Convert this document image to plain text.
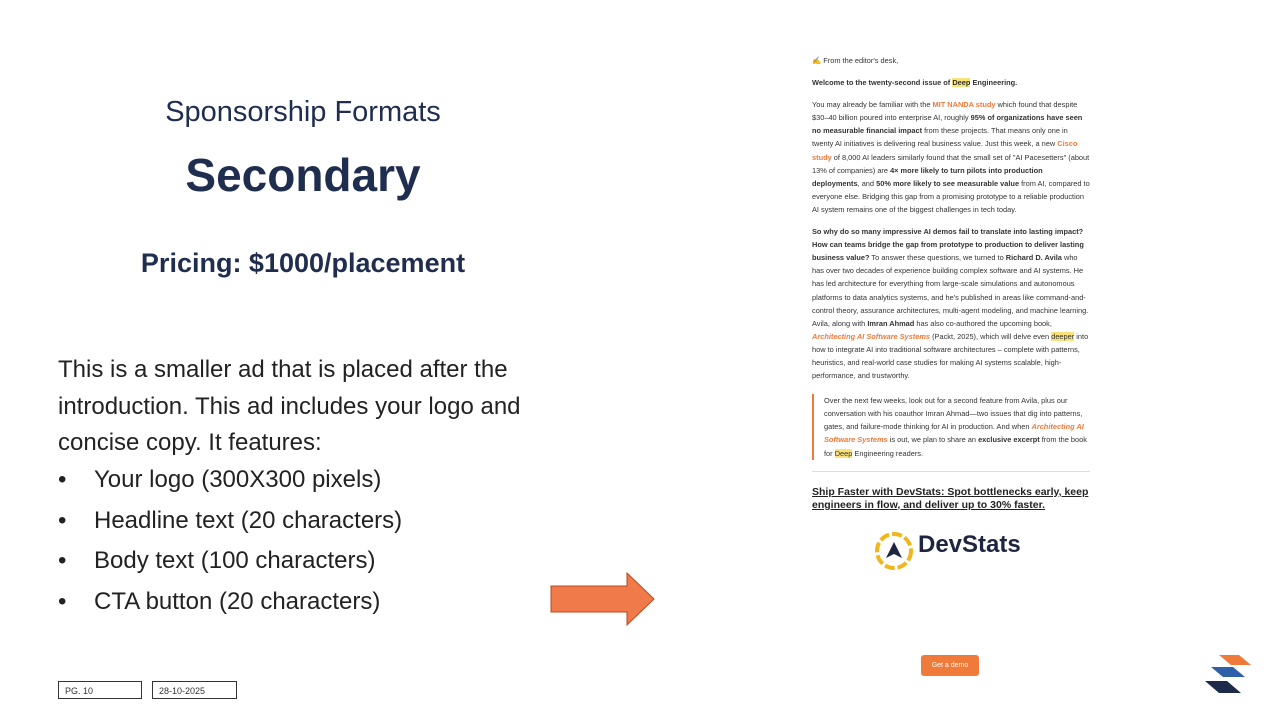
Sponsorship Formats
Secondary
Pricing: $1000/placement
This is a smaller ad that is placed after the introduction. This ad includes your logo and concise copy. It features:
• Your logo (300X300 pixels)
• Headline text (20 characters)
• Body text (100 characters)
• CTA button (20 characters)
PG. 10	28-10-2025

✍ From the editor's desk,

Welcome to the twenty-second issue of Deep Engineering.

You may already be familiar with the MIT NANDA study which found that despite $30–40 billion poured into enterprise AI, roughly 95% of organizations have seen no measurable financial impact from these projects. That means only one in twenty AI initiatives is delivering real business value. Just this week, a new Cisco study of 8,000 AI leaders similarly found that the small set of "AI Pacesetters" (about 13% of companies) are 4× more likely to turn pilots into production deployments, and 50% more likely to see measurable value from AI, compared to everyone else. Bridging this gap from a promising prototype to a reliable production AI system remains one of the biggest challenges in tech today.

So why do so many impressive AI demos fail to translate into lasting impact? How can teams bridge the gap from prototype to production to deliver lasting business value? To answer these questions, we turned to Richard D. Avila who has over two decades of experience building complex software and AI systems. He has led architecture for everything from large-scale simulations and autonomous platforms to data analytics systems, and he's published in areas like command-and-control theory, assurance architectures, multi-agent modeling, and machine learning. Avila, along with Imran Ahmad has also co-authored the upcoming book, Architecting AI Software Systems (Packt, 2025), which will delve even deeper into how to integrate AI into traditional software architectures – complete with patterns, heuristics, and real-world case studies for making AI systems scalable, high-performance, and trustworthy.

Over the next few weeks, look out for a second feature from Avila, plus our conversation with his coauthor Imran Ahmad—two issues that dig into patterns, gates, and failure-mode thinking for AI in production. And when Architecting AI Software Systems is out, we plan to share an exclusive excerpt from the book for Deep Engineering readers.
Ship Faster with DevStats: Spot bottlenecks early, keep engineers in flow, and deliver up to 30% faster.
DevStats
Get a demo
